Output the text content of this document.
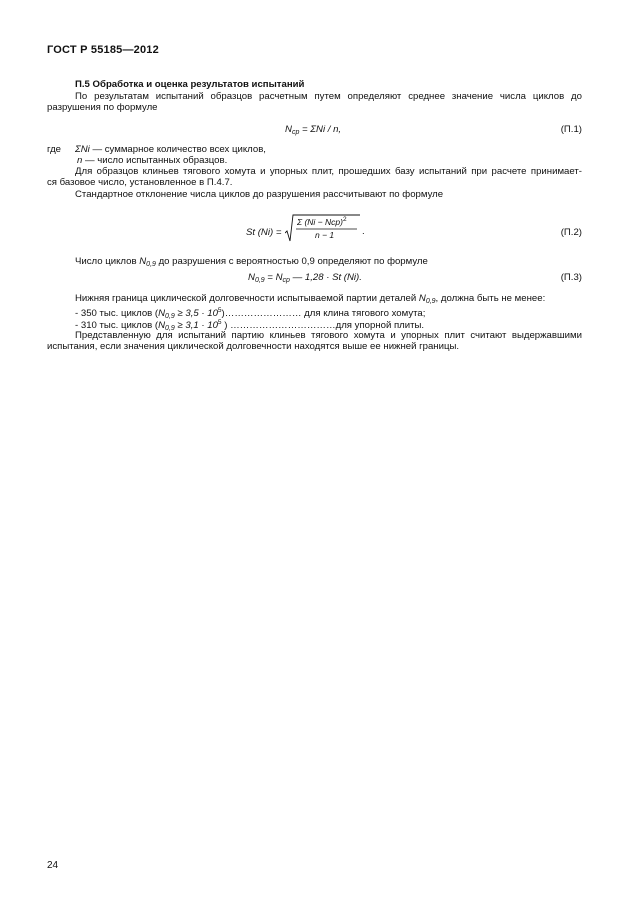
ГОСТ Р 55185—2012
П.5 Обработка и оценка результатов испытаний
По результатам испытаний образцов расчетным путем определяют среднее значение числа циклов до
разрушения по формуле
$N_{ср} = \Sigma Ni / n$,	(П.1)
где ΣNi — суммарное количество всех циклов,
n — число испытанных образцов.
Для образцов клиньев тягового хомута и упорных плит, прошедших базу испытаний при расчете принимает-
ся базовое число, установленное в П.4.7.
Стандартное отклонение числа циклов до разрушения рассчитывают по формуле
St (Ni) =
Σ (Ni − Ncp)$^2$
n − 1	.	(П.2)
Число циклов $N_{0,9}$ до разрушения с вероятностью 0,9 определяют по формуле
$N_{0,9} = N_{ср}$ — 1,28 · St (Ni).	(П.3)
Нижняя граница циклической долговечности испытываемой партии деталей $N_{0,9}$, должна быть не менее:
- 350 тыс. циклов ($N_{0,9} \ge 3,5$ · $10^5)\dots\dots\dots\dots\dots\dots\dots\dots$ для клина тягового хомута;
- 310 тыс. циклов ($N_{0,9} \ge 3,1 \cdot 10^5$ ) ……………………………для упорной плиты.
Представленную для испытаний партию клиньев тягового хомута и упорных плит считают выдержавшими
испытания, если значения циклической долговечности находятся выше ее нижней границы.
24
